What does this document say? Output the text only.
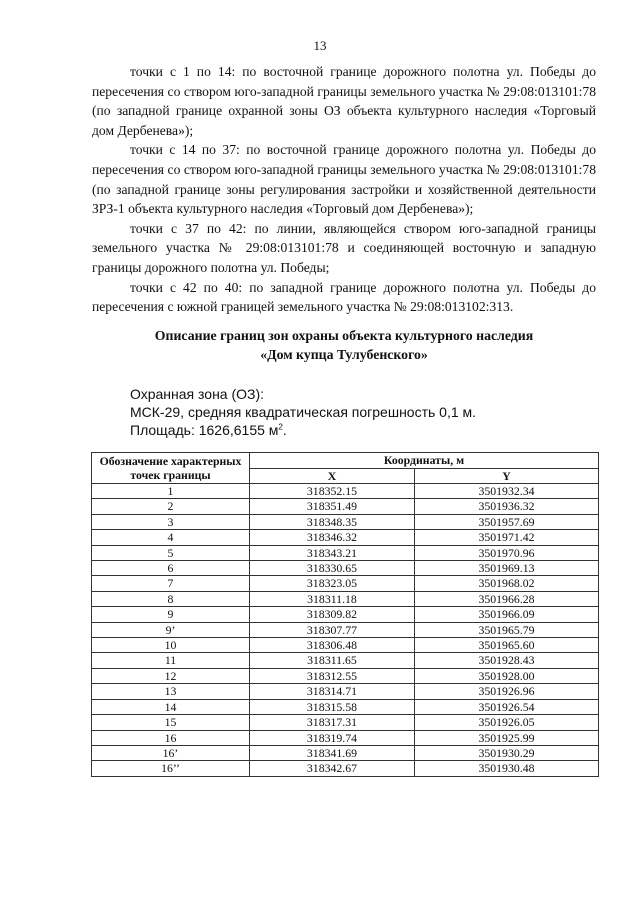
13

точки с 1 по 14: по восточной границе дорожного полотна ул. Победы до пересечения со створом юго-западной границы земельного участка № 29:08:013101:78 (по западной границе охранной зоны ОЗ объекта культурного наследия «Торговый дом Дербенева»);

точки с 14 по 37: по восточной границе дорожного полотна ул. Победы до пересечения со створом юго-западной границы земельного участка № 29:08:013101:78 (по западной границе зоны регулирования застройки и хозяйственной деятельности ЗРЗ-1 объекта культурного наследия «Торговый дом Дербенева»);

точки с 37 по 42: по линии, являющейся створом юго-западной границы земельного участка № 29:08:013101:78 и соединяющей восточную и западную границы дорожного полотна ул. Победы;

точки с 42 по 40: по западной границе дорожного полотна ул. Победы до пересечения с южной границей земельного участка № 29:08:013102:313.

Описание границ зон охраны объекта культурного наследия
«Дом купца Тулубенского»
Охранная зона (ОЗ):
МСК-29, средняя квадратическая погрешность 0,1 м.
Площадь: 1626,6155 $м^2$.
Обозначение характерных точек границы	Координаты, м	
	X	Y
1	318352.15	3501932.34
2	318351.49	3501936.32
3	318348.35	3501957.69
4	318346.32	3501971.42
5	318343.21	3501970.96
6	318330.65	3501969.13
7	318323.05	3501968.02
8	318311.18	3501966.28
9	318309.82	3501966.09
9’	318307.77	3501965.79
10	318306.48	3501965.60
11	318311.65	3501928.43
12	318312.55	3501928.00
13	318314.71	3501926.96
14	318315.58	3501926.54
15	318317.31	3501926.05
16	318319.74	3501925.99
16’	318341.69	3501930.29
16’’	318342.67	3501930.48
